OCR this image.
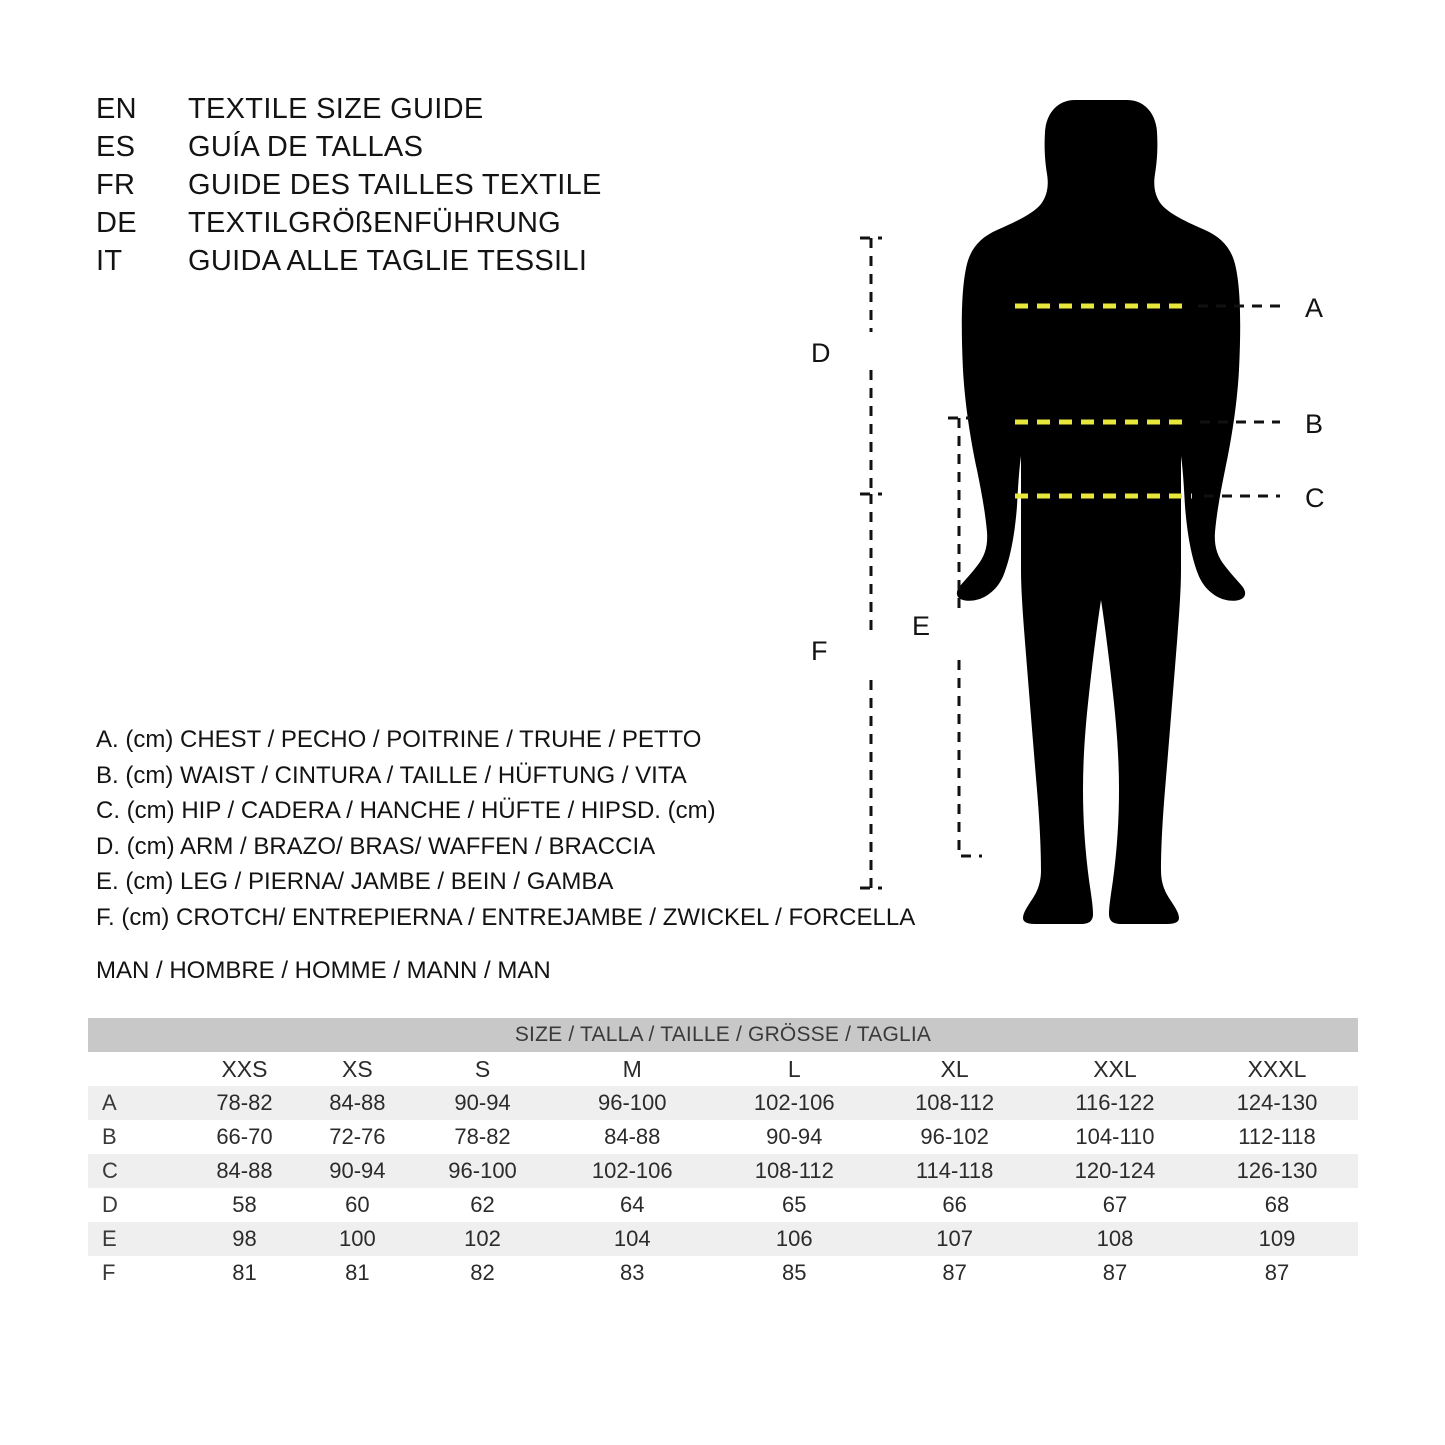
EN	TEXTILE SIZE GUIDE
ES	GUÍA DE TALLAS
FR	GUIDE DES TAILLES TEXTILE
DE	TEXTILGRÖßENFÜHRUNG
IT	GUIDA ALLE TAGLIE TESSILI
A. (cm) CHEST / PECHO / POITRINE / TRUHE / PETTO
B. (cm) WAIST / CINTURA / TAILLE / HÜFTUNG / VITA
C. (cm) HIP / CADERA / HANCHE / HÜFTE / HIPSD. (cm)
D. (cm) ARM / BRAZO/ BRAS/ WAFFEN / BRACCIA
E. (cm) LEG / PIERNA/ JAMBE / BEIN / GAMBA
F. (cm) CROTCH/ ENTREPIERNA / ENTREJAMBE / ZWICKEL / FORCELLA
MAN / HOMBRE / HOMME / MANN / MAN
D
F
E
A
B
C
SIZE / TALLA / TAILLE / GRÖSSE / TAGLIA								
	XXS	XS	S	M	L	XL	XXL	XXXL
A	78-82	84-88	90-94	96-100	102-106	108-112	116-122	124-130
B	66-70	72-76	78-82	84-88	90-94	96-102	104-110	112-118
C	84-88	90-94	96-100	102-106	108-112	114-118	120-124	126-130
D	58	60	62	64	65	66	67	68
E	98	100	102	104	106	107	108	109
F	81	81	82	83	85	87	87	87
